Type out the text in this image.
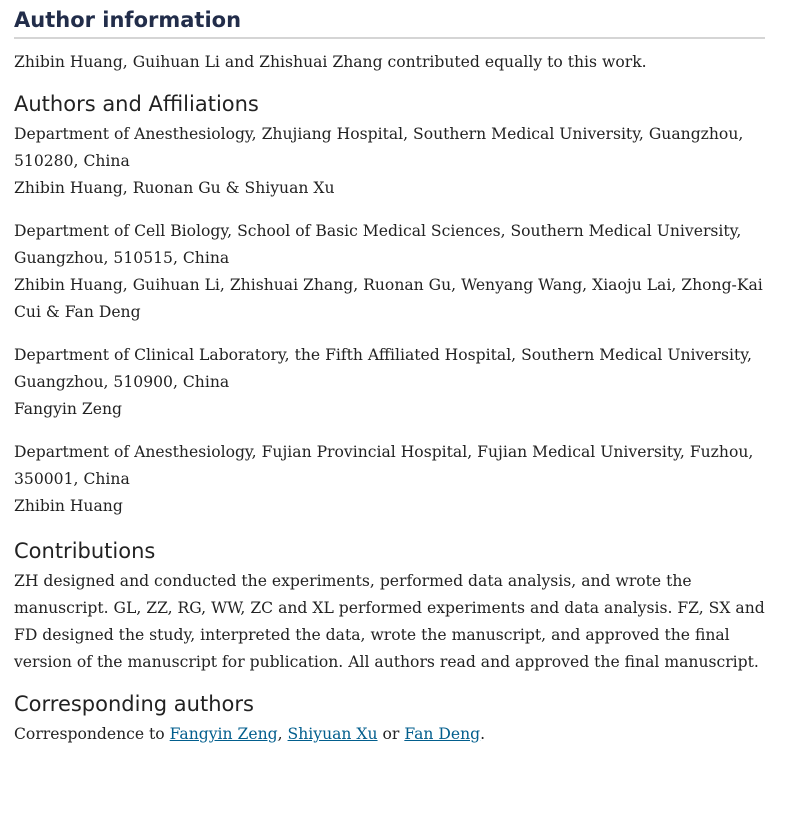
Author information

Zhibin Huang, Guihuan Li and Zhishuai Zhang contributed equally to this work.

Authors and Affiliations
Department of Anesthesiology, Zhujiang Hospital, Southern Medical University, Guangzhou, 510280, China
Zhibin Huang, Ruonan Gu & Shiyuan Xu
Department of Cell Biology, School of Basic Medical Sciences, Southern Medical University, Guangzhou, 510515, China
Zhibin Huang, Guihuan Li, Zhishuai Zhang, Ruonan Gu, Wenyang Wang, Xiaoju Lai, Zhong-Kai Cui & Fan Deng
Department of Clinical Laboratory, the Fifth Affiliated Hospital, Southern Medical University, Guangzhou, 510900, China
Fangyin Zeng
Department of Anesthesiology, Fujian Provincial Hospital, Fujian Medical University, Fuzhou, 350001, China
Zhibin Huang
Contributions

ZH designed and conducted the experiments, performed data analysis, and wrote the manuscript. GL, ZZ, RG, WW, ZC and XL performed experiments and data analysis. FZ, SX and FD designed the study, interpreted the data, wrote the manuscript, and approved the final version of the manuscript for publication. All authors read and approved the final manuscript.

Corresponding authors

Correspondence to Fangyin Zeng, Shiyuan Xu or Fan Deng.
